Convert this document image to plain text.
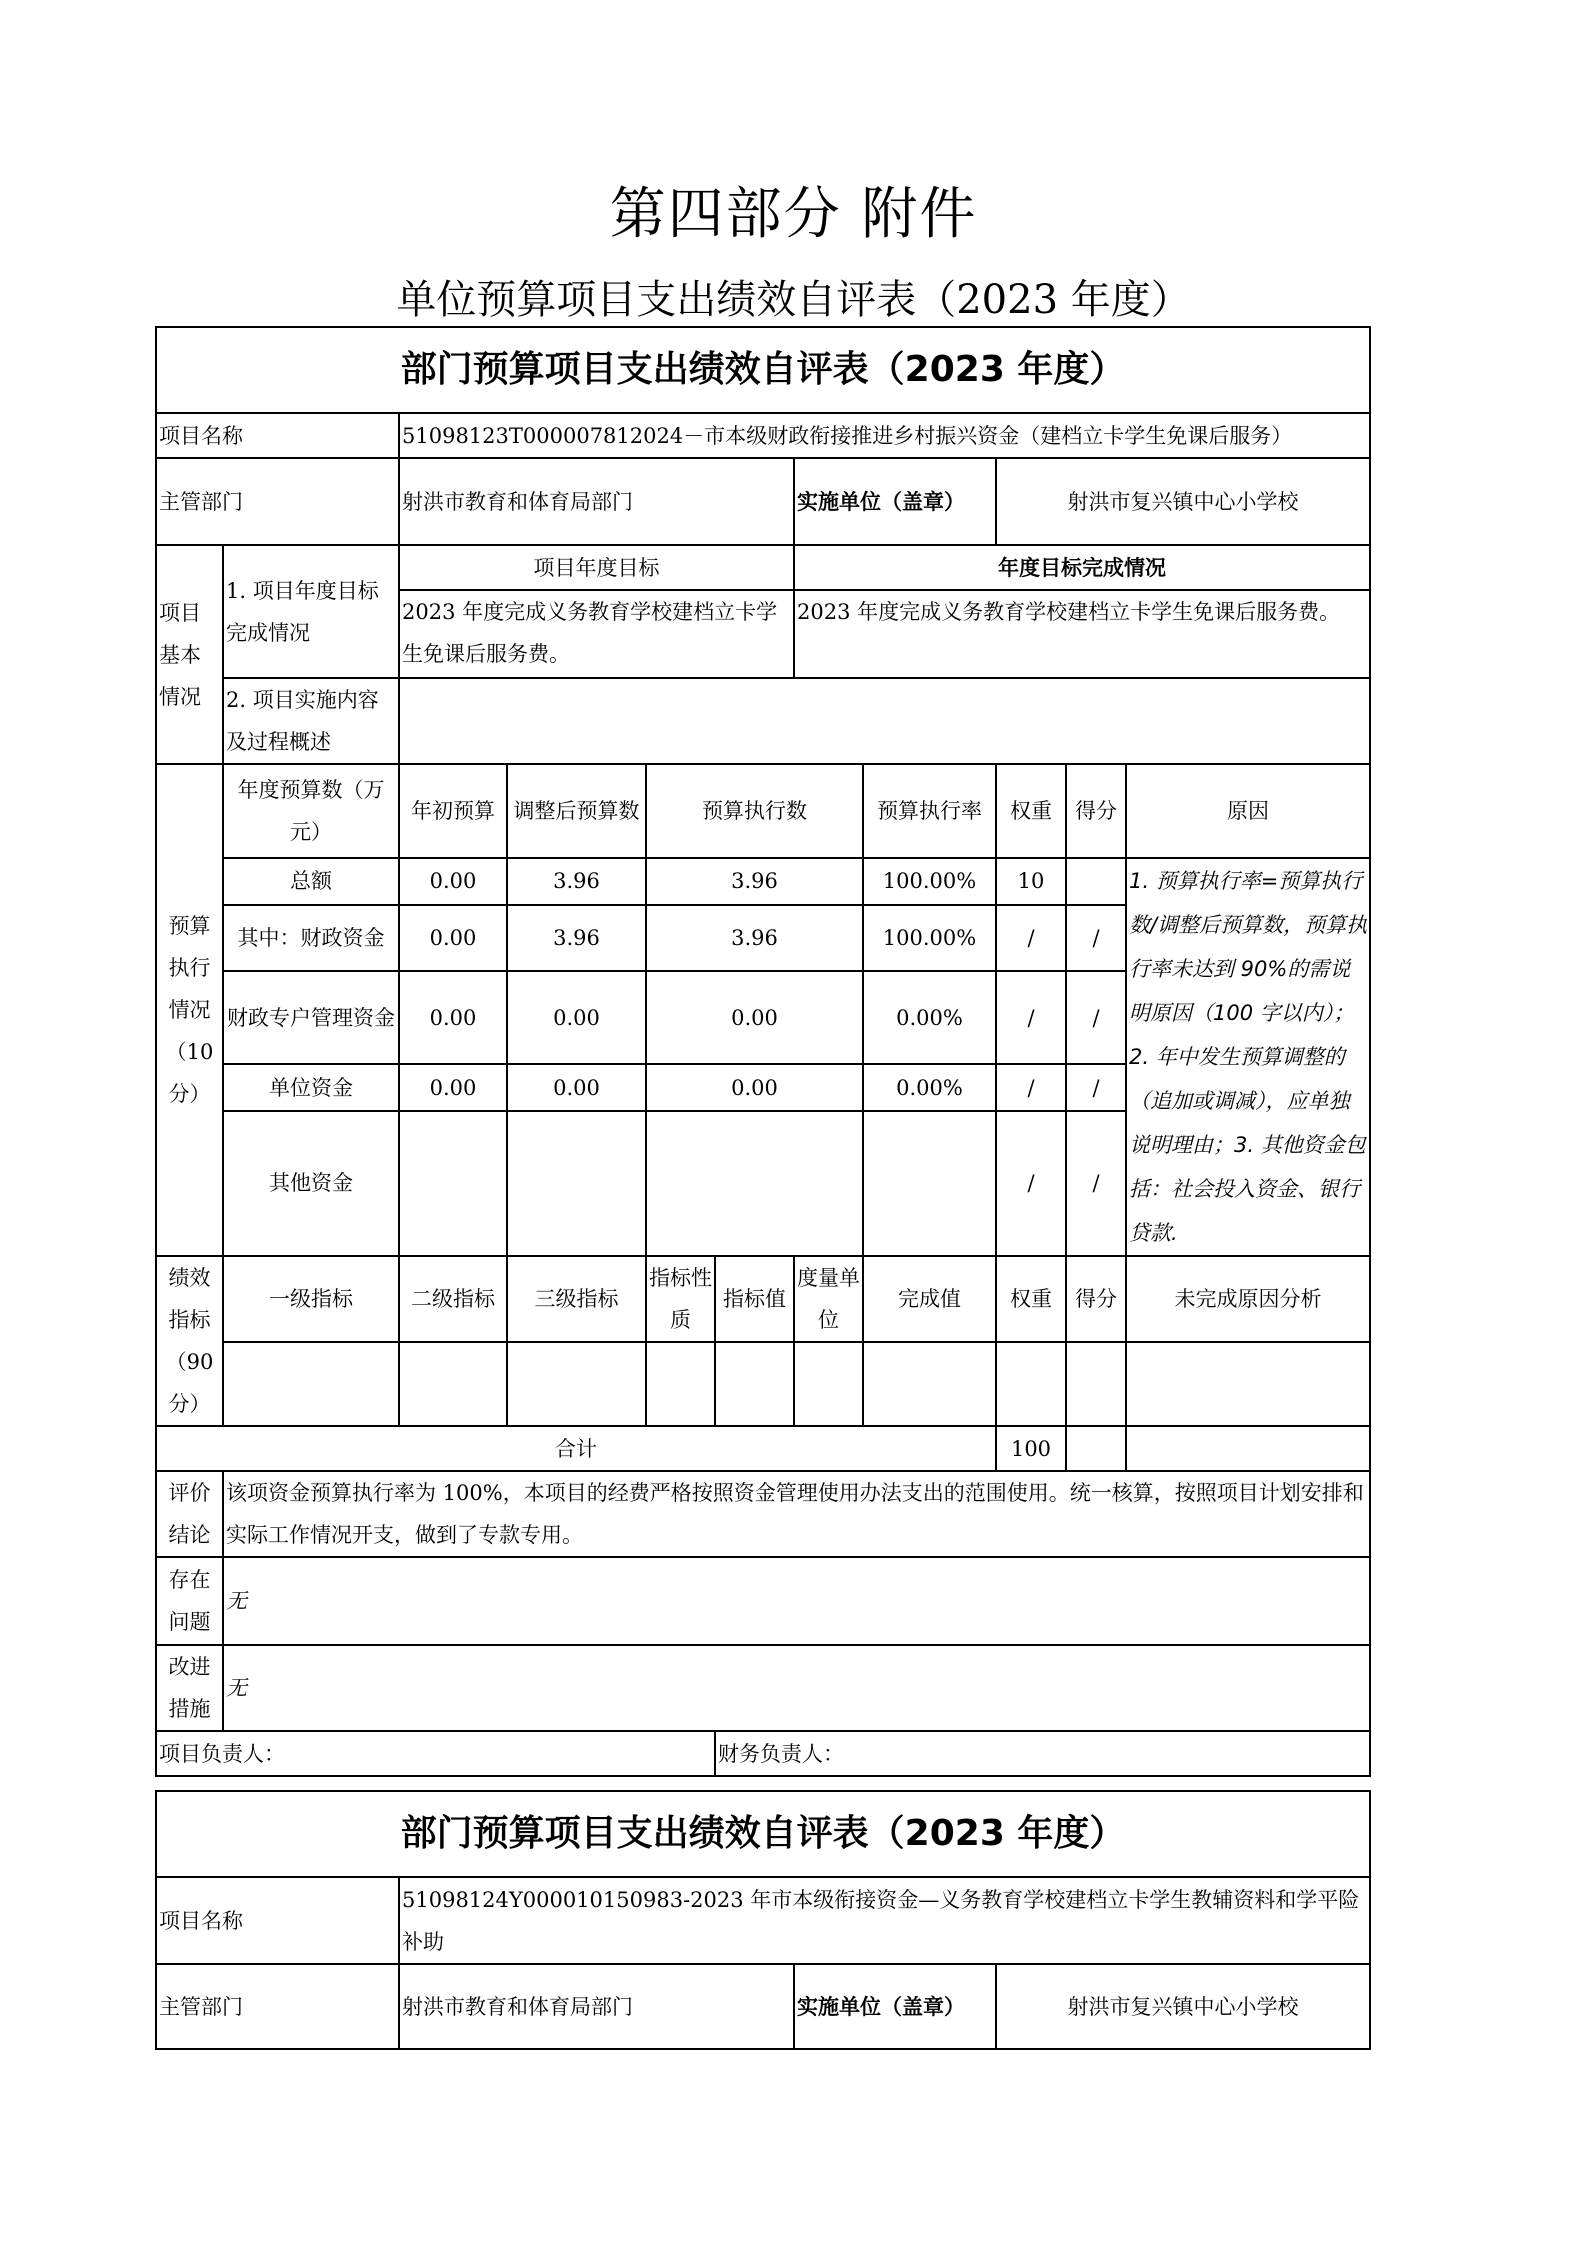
第四部分 附件
单位预算项目支出绩效自评表（2023 年度）
部门预算项目支出绩效自评表（2023 年度）										
项目名称		51098123T000007812024－市本级财政衔接推进乡村振兴资金（建档立卡学生免课后服务）								
主管部门		射洪市教育和体育局部门				实施单位（盖章）		射洪市复兴镇中心小学校		
项目基本情况	1. 项目年度目标完成情况	项目年度目标				年度目标完成情况				
		2023 年度完成义务教育学校建档立卡学生免课后服务费。				2023 年度完成义务教育学校建档立卡学生免课后服务费。				
	2. 项目实施内容及过程概述									
预算执行情况（10分）	年度预算数（万元）	年初预算	调整后预算数	预算执行数			预算执行率	权重	得分	原因
	总额	0.00	3.96	3.96			100.00%	10		1. 预算执行率=预算执行数/调整后预算数，预算执行率未达到 90%的需说明原因（100 字以内）；2. 年中发生预算调整的（追加或调减），应单独说明理由；3. 其他资金包括：社会投入资金、银行贷款.
	其中：财政资金	0.00	3.96	3.96			100.00%	/	/	
	财政专户管理资金	0.00	0.00	0.00			0.00%	/	/	
	单位资金	0.00	0.00	0.00			0.00%	/	/	
	其他资金							/	/	
绩效指标（90分）	一级指标	二级指标	三级指标	指标性质	指标值	度量单位	完成值	权重	得分	未完成原因分析

合计								100		
评价结论	该项资金预算执行率为 100%，本项目的经费严格按照资金管理使用办法支出的范围使用。统一核算，按照项目计划安排和实际工作情况开支，做到了专款专用。									
存在问题	无									
改进措施	无									
项目负责人：					财务负责人：					
部门预算项目支出绩效自评表（2023 年度）			
项目名称	51098124Y000010150983-2023 年市本级衔接资金—义务教育学校建档立卡学生教辅资料和学平险补助		
主管部门	射洪市教育和体育局部门	实施单位（盖章）	射洪市复兴镇中心小学校
